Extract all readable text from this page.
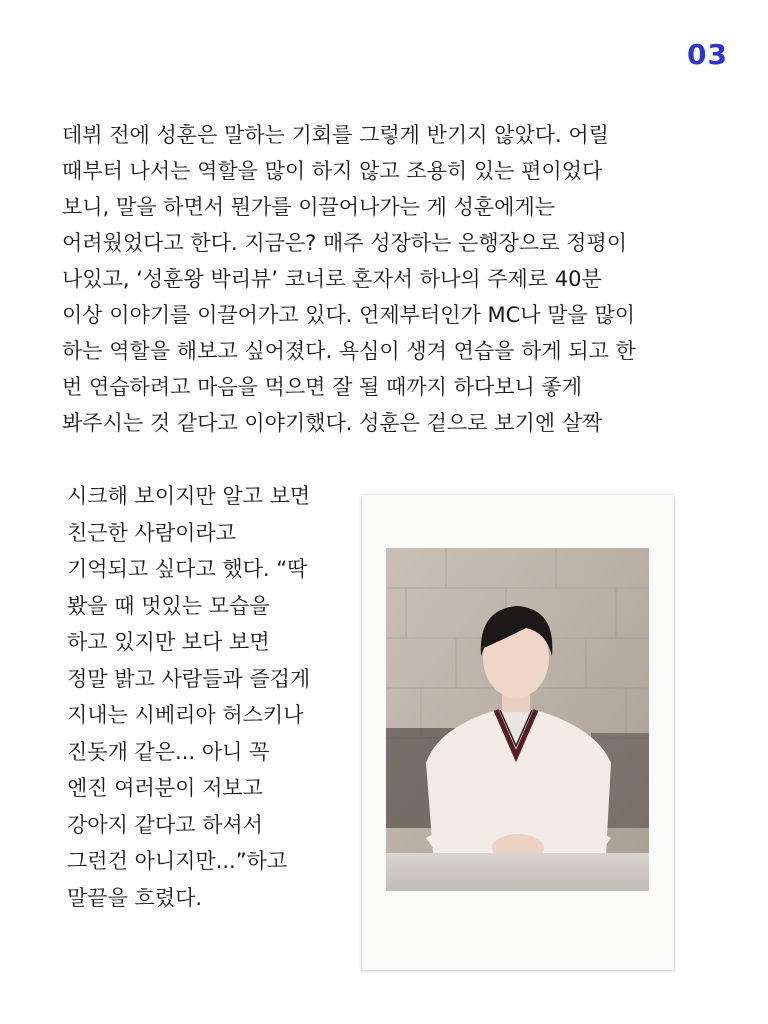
03
데뷔 전에 성훈은 말하는 기회를 그렇게 반기지 않았다. 어릴
때부터 나서는 역할을 많이 하지 않고 조용히 있는 편이었다
보니, 말을 하면서 뭔가를 이끌어나가는 게 성훈에게는
어려웠었다고 한다. 지금은? 매주 성장하는 은행장으로 정평이
나있고, ‘성훈왕 박리뷰’ 코너로 혼자서 하나의 주제로 40분
이상 이야기를 이끌어가고 있다. 언제부터인가 MC나 말을 많이
하는 역할을 해보고 싶어졌다. 욕심이 생겨 연습을 하게 되고 한
번 연습하려고 마음을 먹으면 잘 될 때까지 하다보니 좋게
봐주시는 것 같다고 이야기했다. 성훈은 겉으로 보기엔 살짝
시크해 보이지만 알고 보면
친근한 사람이라고
기억되고 싶다고 했다. “딱
봤을 때 멋있는 모습을
하고 있지만 보다 보면
정말 밝고 사람들과 즐겁게
지내는 시베리아 허스키나
진돗개 같은... 아니 꼭
엔진 여러분이 저보고
강아지 같다고 하셔서
그런건 아니지만...”하고
말끝을 흐렸다.
